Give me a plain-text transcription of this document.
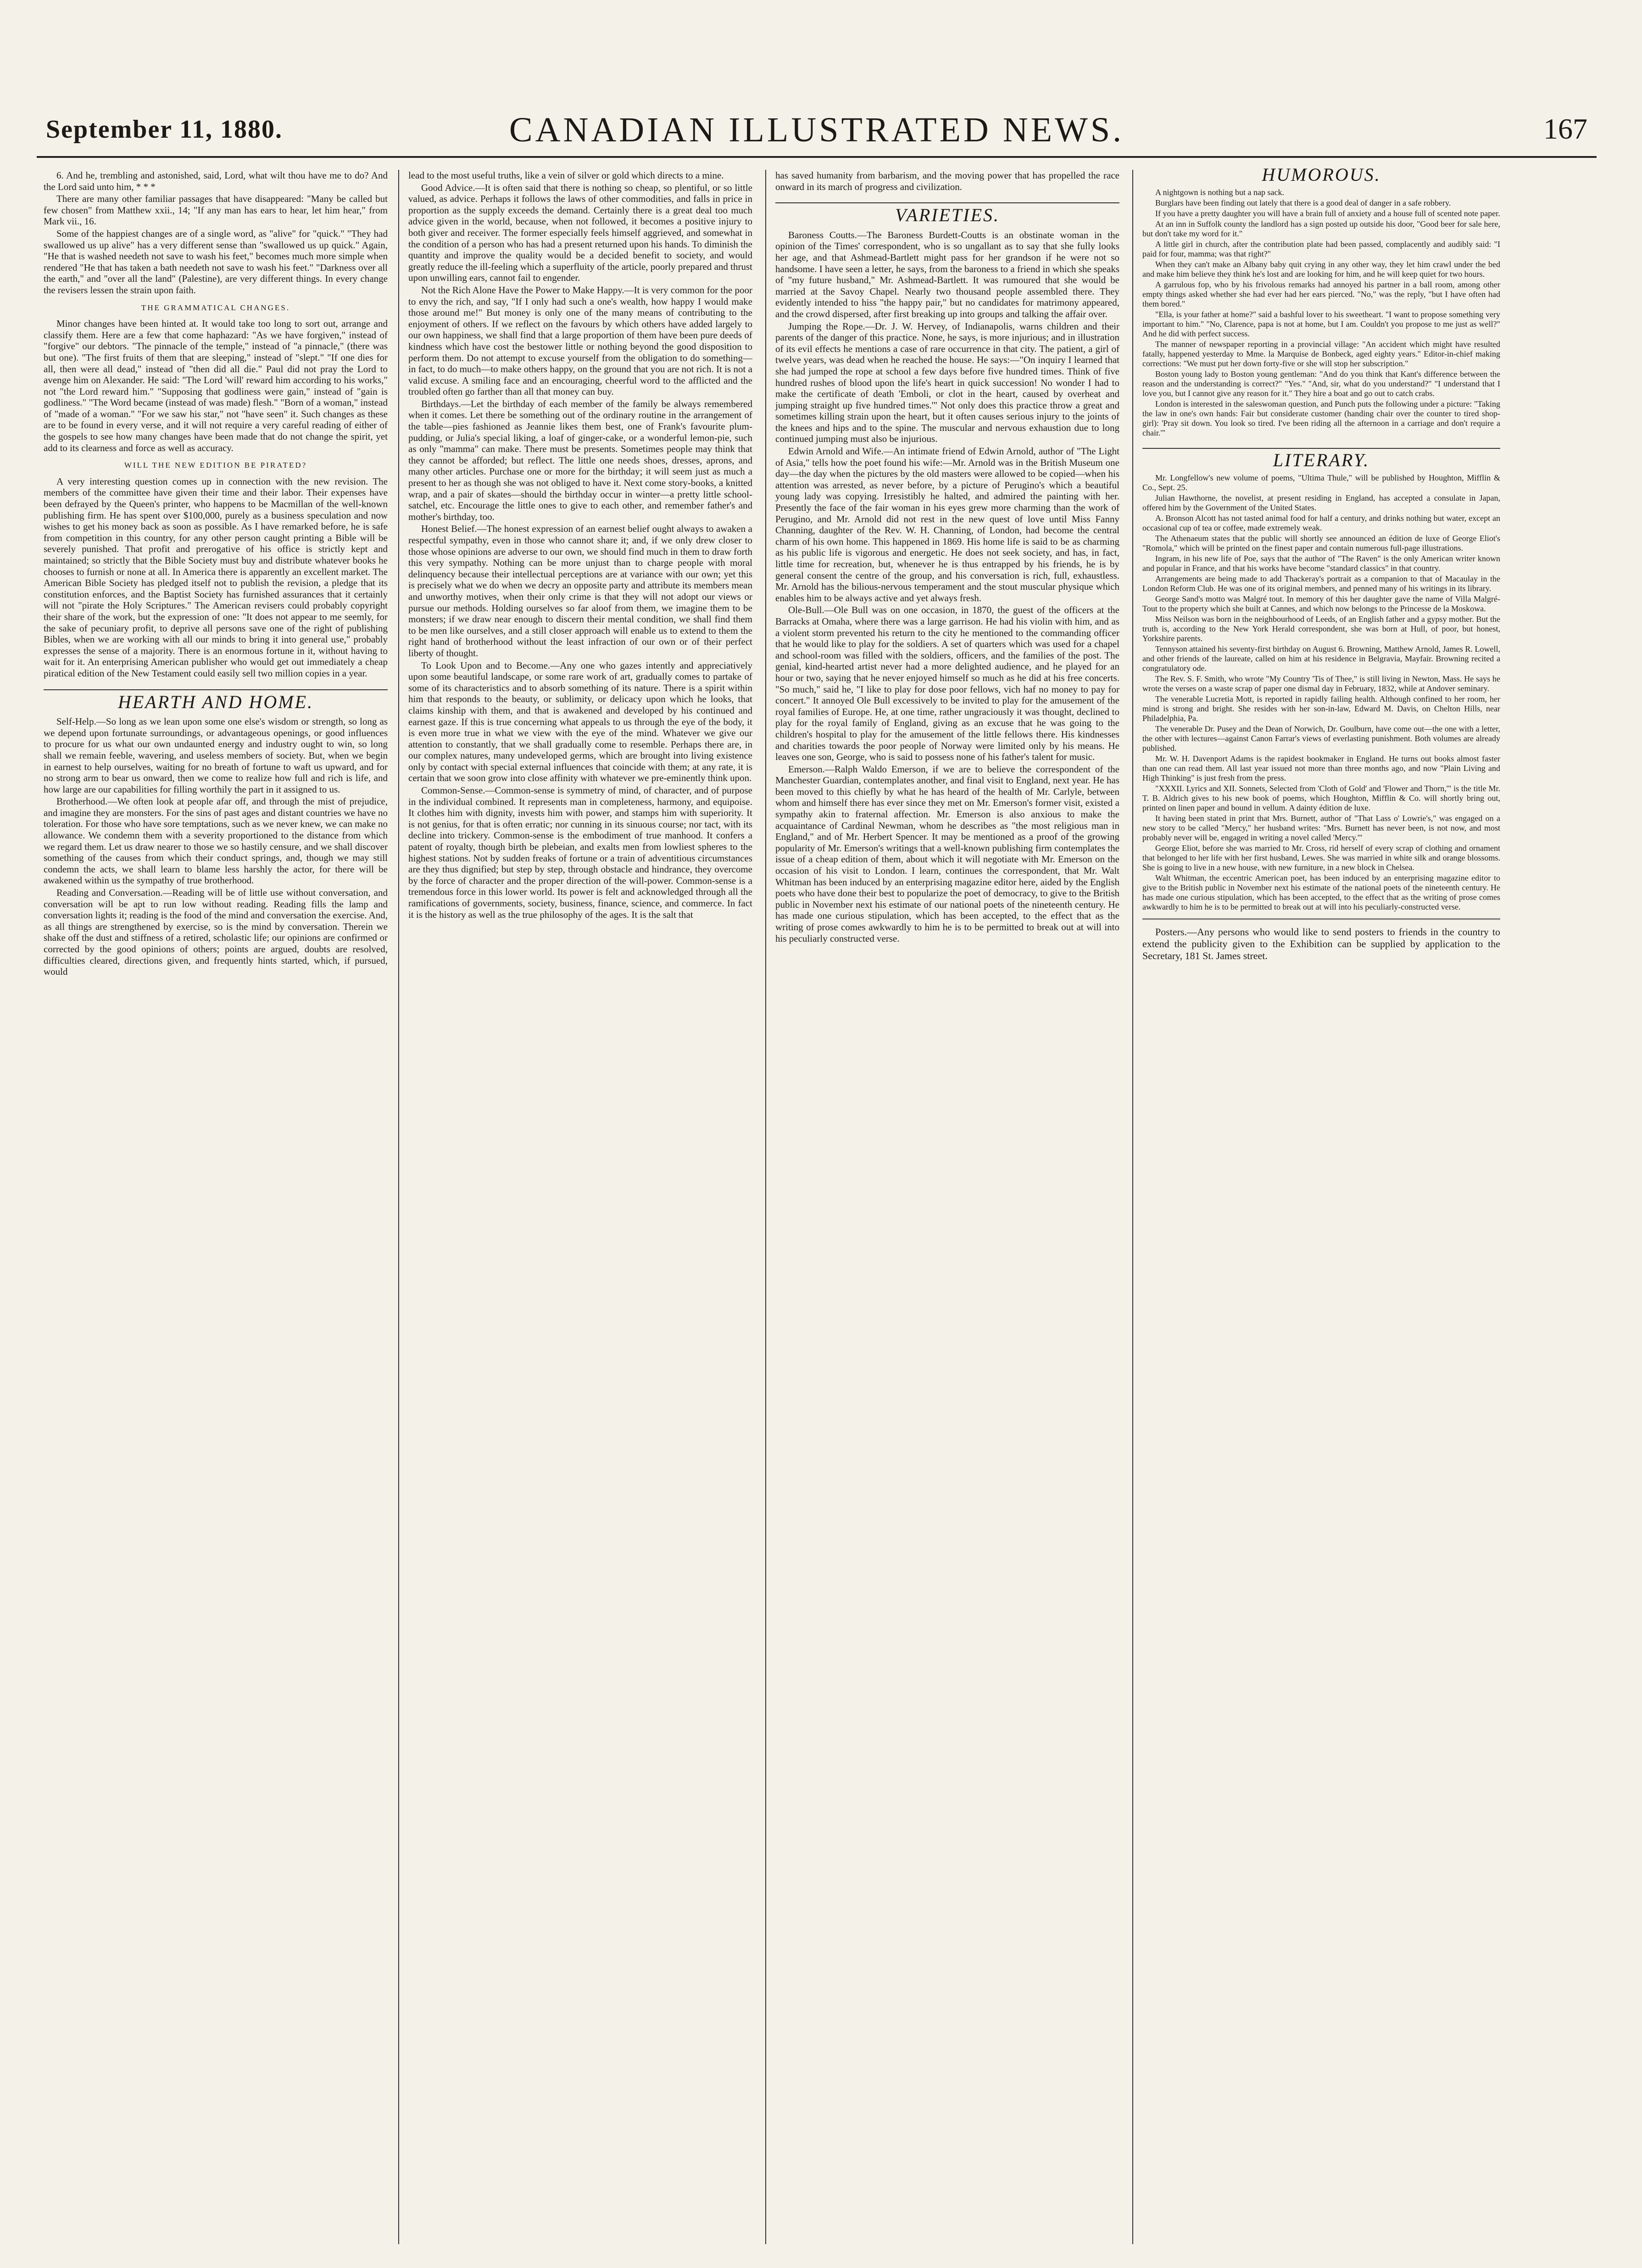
September 11, 1880.	CANADIAN ILLUSTRATED NEWS.	167

6. And he, trembling and astonished, said, Lord, what wilt thou have me to do? And the Lord said unto him, * * *

There are many other familiar passages that have disappeared: "Many be called but few chosen" from Matthew xxii., 14; "If any man has ears to hear, let him hear," from Mark vii., 16.

Some of the happiest changes are of a single word, as "alive" for "quick." "They had swallowed us up alive" has a very different sense than "swallowed us up quick." Again, "He that is washed needeth not save to wash his feet," becomes much more simple when rendered "He that has taken a bath needeth not save to wash his feet." "Darkness over all the earth," and "over all the land" (Palestine), are very different things. In every change the revisers lessen the strain upon faith.

THE GRAMMATICAL CHANGES.

Minor changes have been hinted at. It would take too long to sort out, arrange and classify them. Here are a few that come haphazard: "As we have forgiven," instead of "forgive" our debtors. "The pinnacle of the temple," instead of "a pinnacle," (there was but one). "The first fruits of them that are sleeping," instead of "slept." "If one dies for all, then were all dead," instead of "then did all die." Paul did not pray the Lord to avenge him on Alexander. He said: "The Lord 'will' reward him according to his works," not "the Lord reward him." "Supposing that godliness were gain," instead of "gain is godliness." "The Word became (instead of was made) flesh." "Born of a woman," instead of "made of a woman." "For we saw his star," not "have seen" it. Such changes as these are to be found in every verse, and it will not require a very careful reading of either of the gospels to see how many changes have been made that do not change the spirit, yet add to its clearness and force as well as accuracy.

WILL THE NEW EDITION BE PIRATED?

A very interesting question comes up in connection with the new revision. The members of the committee have given their time and their labor. Their expenses have been defrayed by the Queen's printer, who happens to be Macmillan of the well-known publishing firm. He has spent over $100,000, purely as a business speculation and now wishes to get his money back as soon as possible. As I have remarked before, he is safe from competition in this country, for any other person caught printing a Bible will be severely punished. That profit and prerogative of his office is strictly kept and maintained; so strictly that the Bible Society must buy and distribute whatever books he chooses to furnish or none at all. In America there is apparently an excellent market. The American Bible Society has pledged itself not to publish the revision, a pledge that its constitution enforces, and the Baptist Society has furnished assurances that it certainly will not "pirate the Holy Scriptures." The American revisers could probably copyright their share of the work, but the expression of one: "It does not appear to me seemly, for the sake of pecuniary profit, to deprive all persons save one of the right of publishing Bibles, when we are working with all our minds to bring it into general use," probably expresses the sense of a majority. There is an enormous fortune in it, without having to wait for it. An enterprising American publisher who would get out immediately a cheap piratical edition of the New Testament could easily sell two million copies in a year.

HEARTH AND HOME.

Self-Help.—So long as we lean upon some one else's wisdom or strength, so long as we depend upon fortunate surroundings, or advantageous openings, or good influences to procure for us what our own undaunted energy and industry ought to win, so long shall we remain feeble, wavering, and useless members of society. But, when we begin in earnest to help ourselves, waiting for no breath of fortune to waft us upward, and for no strong arm to bear us onward, then we come to realize how full and rich is life, and how large are our capabilities for filling worthily the part in it assigned to us.

Brotherhood.—We often look at people afar off, and through the mist of prejudice, and imagine they are monsters. For the sins of past ages and distant countries we have no toleration. For those who have sore temptations, such as we never knew, we can make no allowance. We condemn them with a severity proportioned to the distance from which we regard them. Let us draw nearer to those we so hastily censure, and we shall discover something of the causes from which their conduct springs, and, though we may still condemn the acts, we shall learn to blame less harshly the actor, for there will be awakened within us the sympathy of true brotherhood.

Reading and Conversation.—Reading will be of little use without conversation, and conversation will be apt to run low without reading. Reading fills the lamp and conversation lights it; reading is the food of the mind and conversation the exercise. And, as all things are strengthened by exercise, so is the mind by conversation. Therein we shake off the dust and stiffness of a retired, scholastic life; our opinions are confirmed or corrected by the good opinions of others; points are argued, doubts are resolved, difficulties cleared, directions given, and frequently hints started, which, if pursued, would

lead to the most useful truths, like a vein of silver or gold which directs to a mine.

Good Advice.—It is often said that there is nothing so cheap, so plentiful, or so little valued, as advice. Perhaps it follows the laws of other commodities, and falls in price in proportion as the supply exceeds the demand. Certainly there is a great deal too much advice given in the world, because, when not followed, it becomes a positive injury to both giver and receiver. The former especially feels himself aggrieved, and somewhat in the condition of a person who has had a present returned upon his hands. To diminish the quantity and improve the quality would be a decided benefit to society, and would greatly reduce the ill-feeling which a superfluity of the article, poorly prepared and thrust upon unwilling ears, cannot fail to engender.

Not the Rich Alone Have the Power to Make Happy.—It is very common for the poor to envy the rich, and say, "If I only had such a one's wealth, how happy I would make those around me!" But money is only one of the many means of contributing to the enjoyment of others. If we reflect on the favours by which others have added largely to our own happiness, we shall find that a large proportion of them have been pure deeds of kindness which have cost the bestower little or nothing beyond the good disposition to perform them. Do not attempt to excuse yourself from the obligation to do something—in fact, to do much—to make others happy, on the ground that you are not rich. It is not a valid excuse. A smiling face and an encouraging, cheerful word to the afflicted and the troubled often go farther than all that money can buy.

Birthdays.—Let the birthday of each member of the family be always remembered when it comes. Let there be something out of the ordinary routine in the arrangement of the table—pies fashioned as Jeannie likes them best, one of Frank's favourite plum-pudding, or Julia's special liking, a loaf of ginger-cake, or a wonderful lemon-pie, such as only "mamma" can make. There must be presents. Sometimes people may think that they cannot be afforded; but reflect. The little one needs shoes, dresses, aprons, and many other articles. Purchase one or more for the birthday; it will seem just as much a present to her as though she was not obliged to have it. Next come story-books, a knitted wrap, and a pair of skates—should the birthday occur in winter—a pretty little school-satchel, etc. Encourage the little ones to give to each other, and remember father's and mother's birthday, too.

Honest Belief.—The honest expression of an earnest belief ought always to awaken a respectful sympathy, even in those who cannot share it; and, if we only drew closer to those whose opinions are adverse to our own, we should find much in them to draw forth this very sympathy. Nothing can be more unjust than to charge people with moral delinquency because their intellectual perceptions are at variance with our own; yet this is precisely what we do when we decry an opposite party and attribute its members mean and unworthy motives, when their only crime is that they will not adopt our views or pursue our methods. Holding ourselves so far aloof from them, we imagine them to be monsters; if we draw near enough to discern their mental condition, we shall find them to be men like ourselves, and a still closer approach will enable us to extend to them the right hand of brotherhood without the least infraction of our own or of their perfect liberty of thought.

To Look Upon and to Become.—Any one who gazes intently and appreciatively upon some beautiful landscape, or some rare work of art, gradually comes to partake of some of its characteristics and to absorb something of its nature. There is a spirit within him that responds to the beauty, or sublimity, or delicacy upon which he looks, that claims kinship with them, and that is awakened and developed by his continued and earnest gaze. If this is true concerning what appeals to us through the eye of the body, it is even more true in what we view with the eye of the mind. Whatever we give our attention to constantly, that we shall gradually come to resemble. Perhaps there are, in our complex natures, many undeveloped germs, which are brought into living existence only by contact with special external influences that coincide with them; at any rate, it is certain that we soon grow into close affinity with whatever we pre-eminently think upon.

Common-Sense.—Common-sense is symmetry of mind, of character, and of purpose in the individual combined. It represents man in completeness, harmony, and equipoise. It clothes him with dignity, invests him with power, and stamps him with superiority. It is not genius, for that is often erratic; nor cunning in its sinuous course; nor tact, with its decline into trickery. Common-sense is the embodiment of true manhood. It confers a patent of royalty, though birth be plebeian, and exalts men from lowliest spheres to the highest stations. Not by sudden freaks of fortune or a train of adventitious circumstances are they thus dignified; but step by step, through obstacle and hindrance, they overcome by the force of character and the proper direction of the will-power. Common-sense is a tremendous force in this lower world. Its power is felt and acknowledged through all the ramifications of governments, society, business, finance, science, and commerce. In fact it is the history as well as the true philosophy of the ages. It is the salt that

has saved humanity from barbarism, and the moving power that has propelled the race onward in its march of progress and civilization.

VARIETIES.

Baroness Coutts.—The Baroness Burdett-Coutts is an obstinate woman in the opinion of the Times' correspondent, who is so ungallant as to say that she fully looks her age, and that Ashmead-Bartlett might pass for her grandson if he were not so handsome. I have seen a letter, he says, from the baroness to a friend in which she speaks of "my future husband," Mr. Ashmead-Bartlett. It was rumoured that she would be married at the Savoy Chapel. Nearly two thousand people assembled there. They evidently intended to hiss "the happy pair," but no candidates for matrimony appeared, and the crowd dispersed, after first breaking up into groups and talking the affair over.

Jumping the Rope.—Dr. J. W. Hervey, of Indianapolis, warns children and their parents of the danger of this practice. None, he says, is more injurious; and in illustration of its evil effects he mentions a case of rare occurrence in that city. The patient, a girl of twelve years, was dead when he reached the house. He says:—"On inquiry I learned that she had jumped the rope at school a few days before five hundred times. Think of five hundred rushes of blood upon the life's heart in quick succession! No wonder I had to make the certificate of death 'Emboli, or clot in the heart, caused by overheat and jumping straight up five hundred times.'" Not only does this practice throw a great and sometimes killing strain upon the heart, but it often causes serious injury to the joints of the knees and hips and to the spine. The muscular and nervous exhaustion due to long continued jumping must also be injurious.

Edwin Arnold and Wife.—An intimate friend of Edwin Arnold, author of "The Light of Asia," tells how the poet found his wife:—Mr. Arnold was in the British Museum one day—the day when the pictures by the old masters were allowed to be copied—when his attention was arrested, as never before, by a picture of Perugino's which a beautiful young lady was copying. Irresistibly he halted, and admired the painting with her. Presently the face of the fair woman in his eyes grew more charming than the work of Perugino, and Mr. Arnold did not rest in the new quest of love until Miss Fanny Channing, daughter of the Rev. W. H. Channing, of London, had become the central charm of his own home. This happened in 1869. His home life is said to be as charming as his public life is vigorous and energetic. He does not seek society, and has, in fact, little time for recreation, but, whenever he is thus entrapped by his friends, he is by general consent the centre of the group, and his conversation is rich, full, exhaustless. Mr. Arnold has the bilious-nervous temperament and the stout muscular physique which enables him to be always active and yet always fresh.

Ole-Bull.—Ole Bull was on one occasion, in 1870, the guest of the officers at the Barracks at Omaha, where there was a large garrison. He had his violin with him, and as a violent storm prevented his return to the city he mentioned to the commanding officer that he would like to play for the soldiers. A set of quarters which was used for a chapel and school-room was filled with the soldiers, officers, and the families of the post. The genial, kind-hearted artist never had a more delighted audience, and he played for an hour or two, saying that he never enjoyed himself so much as he did at his free concerts. "So much," said he, "I like to play for dose poor fellows, vich haf no money to pay for concert." It annoyed Ole Bull excessively to be invited to play for the amusement of the royal families of Europe. He, at one time, rather ungraciously it was thought, declined to play for the royal family of England, giving as an excuse that he was going to the children's hospital to play for the amusement of the little fellows there. His kindnesses and charities towards the poor people of Norway were limited only by his means. He leaves one son, George, who is said to possess none of his father's talent for music.

Emerson.—Ralph Waldo Emerson, if we are to believe the correspondent of the Manchester Guardian, contemplates another, and final visit to England, next year. He has been moved to this chiefly by what he has heard of the health of Mr. Carlyle, between whom and himself there has ever since they met on Mr. Emerson's former visit, existed a sympathy akin to fraternal affection. Mr. Emerson is also anxious to make the acquaintance of Cardinal Newman, whom he describes as "the most religious man in England," and of Mr. Herbert Spencer. It may be mentioned as a proof of the growing popularity of Mr. Emerson's writings that a well-known publishing firm contemplates the issue of a cheap edition of them, about which it will negotiate with Mr. Emerson on the occasion of his visit to London. I learn, continues the correspondent, that Mr. Walt Whitman has been induced by an enterprising magazine editor here, aided by the English poets who have done their best to popularize the poet of democracy, to give to the British public in November next his estimate of our national poets of the nineteenth century. He has made one curious stipulation, which has been accepted, to the effect that as the writing of prose comes awkwardly to him he is to be permitted to break out at will into his peculiarly constructed verse.

HUMOROUS.

A nightgown is nothing but a nap sack.

Burglars have been finding out lately that there is a good deal of danger in a safe robbery.

If you have a pretty daughter you will have a brain full of anxiety and a house full of scented note paper.

At an inn in Suffolk county the landlord has a sign posted up outside his door, "Good beer for sale here, but don't take my word for it."

A little girl in church, after the contribution plate had been passed, complacently and audibly said: "I paid for four, mamma; was that right?"

When they can't make an Albany baby quit crying in any other way, they let him crawl under the bed and make him believe they think he's lost and are looking for him, and he will keep quiet for two hours.

A garrulous fop, who by his frivolous remarks had annoyed his partner in a ball room, among other empty things asked whether she had ever had her ears pierced. "No," was the reply, "but I have often had them bored."

"Ella, is your father at home?" said a bashful lover to his sweetheart. "I want to propose something very important to him." "No, Clarence, papa is not at home, but I am. Couldn't you propose to me just as well?" And he did with perfect success.

The manner of newspaper reporting in a provincial village: "An accident which might have resulted fatally, happened yesterday to Mme. la Marquise de Bonbeck, aged eighty years." Editor-in-chief making corrections: "We must put her down forty-five or she will stop her subscription."

Boston young lady to Boston young gentleman: "And do you think that Kant's difference between the reason and the understanding is correct?" "Yes." "And, sir, what do you understand?" "I understand that I love you, but I cannot give any reason for it." They hire a boat and go out to catch crabs.

London is interested in the saleswoman question, and Punch puts the following under a picture: "Taking the law in one's own hands: Fair but considerate customer (handing chair over the counter to tired shop-girl): 'Pray sit down. You look so tired. I've been riding all the afternoon in a carriage and don't require a chair.'"

LITERARY.

Mr. Longfellow's new volume of poems, "Ultima Thule," will be published by Houghton, Mifflin & Co., Sept. 25.

Julian Hawthorne, the novelist, at present residing in England, has accepted a consulate in Japan, offered him by the Government of the United States.

A. Bronson Alcott has not tasted animal food for half a century, and drinks nothing but water, except an occasional cup of tea or coffee, made extremely weak.

The Athenaeum states that the public will shortly see announced an édition de luxe of George Eliot's "Romola," which will be printed on the finest paper and contain numerous full-page illustrations.

Ingram, in his new life of Poe, says that the author of "The Raven" is the only American writer known and popular in France, and that his works have become "standard classics" in that country.

Arrangements are being made to add Thackeray's portrait as a companion to that of Macaulay in the London Reform Club. He was one of its original members, and penned many of his writings in its library.

George Sand's motto was Malgré tout. In memory of this her daughter gave the name of Villa Malgré-Tout to the property which she built at Cannes, and which now belongs to the Princesse de la Moskowa.

Miss Neilson was born in the neighbourhood of Leeds, of an English father and a gypsy mother. But the truth is, according to the New York Herald correspondent, she was born at Hull, of poor, but honest, Yorkshire parents.

Tennyson attained his seventy-first birthday on August 6. Browning, Matthew Arnold, James R. Lowell, and other friends of the laureate, called on him at his residence in Belgravia, Mayfair. Browning recited a congratulatory ode.

The Rev. S. F. Smith, who wrote "My Country 'Tis of Thee," is still living in Newton, Mass. He says he wrote the verses on a waste scrap of paper one dismal day in February, 1832, while at Andover seminary.

The venerable Lucretia Mott, is reported in rapidly failing health. Although confined to her room, her mind is strong and bright. She resides with her son-in-law, Edward M. Davis, on Chelton Hills, near Philadelphia, Pa.

The venerable Dr. Pusey and the Dean of Norwich, Dr. Goulburn, have come out—the one with a letter, the other with lectures—against Canon Farrar's views of everlasting punishment. Both volumes are already published.

Mr. W. H. Davenport Adams is the rapidest bookmaker in England. He turns out books almost faster than one can read them. All last year issued not more than three months ago, and now "Plain Living and High Thinking" is just fresh from the press.

"XXXII. Lyrics and XII. Sonnets, Selected from 'Cloth of Gold' and 'Flower and Thorn,'" is the title Mr. T. B. Aldrich gives to his new book of poems, which Houghton, Mifflin & Co. will shortly bring out, printed on linen paper and bound in vellum. A dainty édition de luxe.

It having been stated in print that Mrs. Burnett, author of "That Lass o' Lowrie's," was engaged on a new story to be called "Mercy," her husband writes: "Mrs. Burnett has never been, is not now, and most probably never will be, engaged in writing a novel called 'Mercy.'"

George Eliot, before she was married to Mr. Cross, rid herself of every scrap of clothing and ornament that belonged to her life with her first husband, Lewes. She was married in white silk and orange blossoms. She is going to live in a new house, with new furniture, in a new block in Chelsea.

Walt Whitman, the eccentric American poet, has been induced by an enterprising magazine editor to give to the British public in November next his estimate of the national poets of the nineteenth century. He has made one curious stipulation, which has been accepted, to the effect that as the writing of prose comes awkwardly to him he is to be permitted to break out at will into his peculiarly-constructed verse.

Posters.—Any persons who would like to send posters to friends in the country to extend the publicity given to the Exhibition can be supplied by application to the Secretary, 181 St. James street.
